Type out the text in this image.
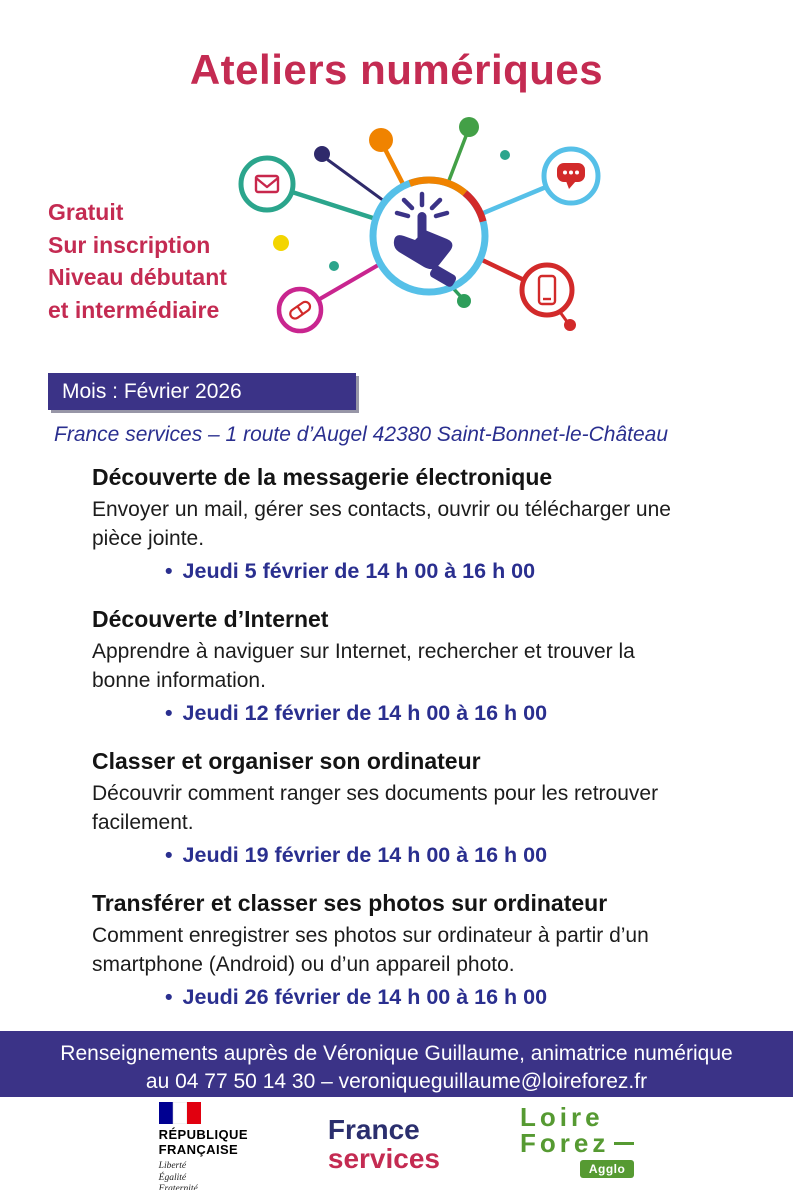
Ateliers numériques
Gratuit
Sur inscription
Niveau débutant
et intermédiaire
Mois : Février 2026
France services – 1 route d’Augel 42380 Saint-Bonnet-le-Château
Découverte de la messagerie électronique

Envoyer un mail, gérer ses contacts, ouvrir ou télécharger une pièce jointe.

• Jeudi 5 février de 14 h 00 à 16 h 00
Découverte d’Internet

Apprendre à naviguer sur Internet, rechercher et trouver la bonne information.

• Jeudi 12 février de 14 h 00 à 16 h 00
Classer et organiser son ordinateur

Découvrir comment ranger ses documents pour les retrouver facilement.

• Jeudi 19 février de 14 h 00 à 16 h 00
Transférer et classer ses photos sur ordinateur

Comment enregistrer ses photos sur ordinateur à partir d’un smartphone (Android) ou d’un appareil photo.

• Jeudi 26 février de 14 h 00 à 16 h 00
Renseignements auprès de Véronique Guillaume, animatrice numérique
au 04 77 50 14 30 – veroniqueguillaume@loireforez.fr
RÉPUBLIQUE
FRANÇAISE
Liberté
Égalité
Fraternité
France
services
Loire
Forez
Agglo
